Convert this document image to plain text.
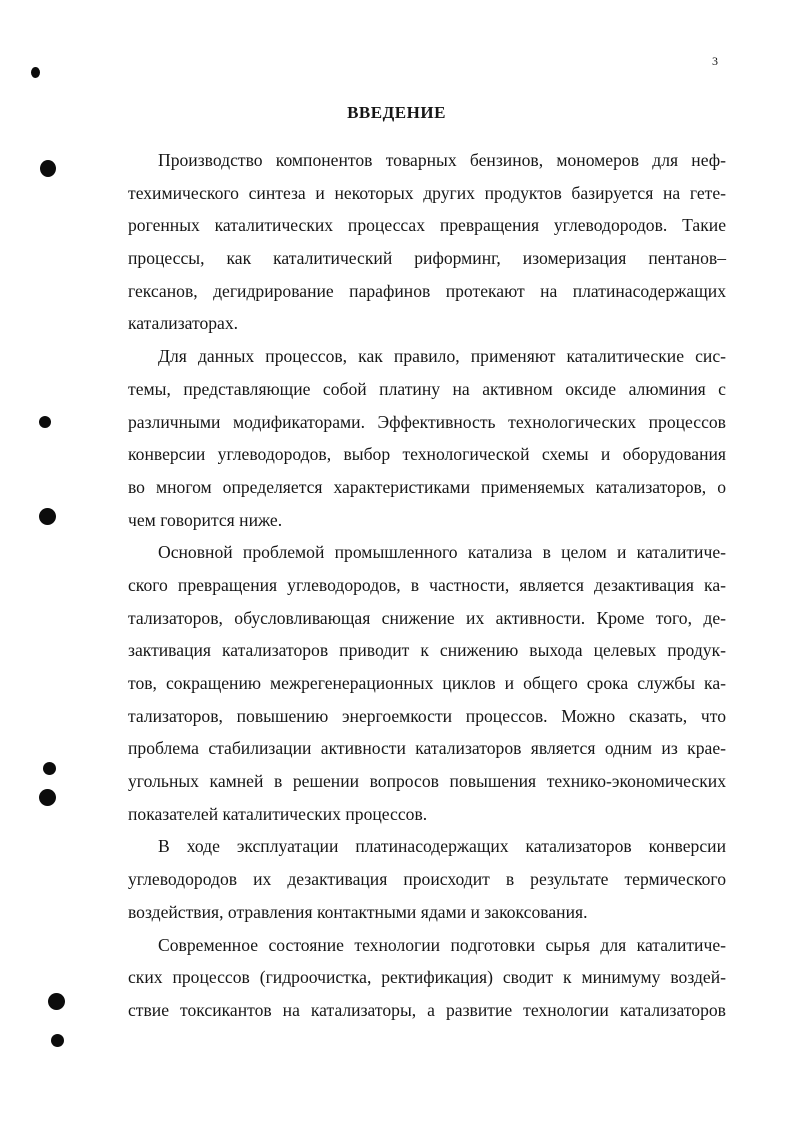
3
ВВЕДЕНИЕ
Производство компонентов товарных бензинов, мономеров для неф-
техимического синтеза и некоторых других продуктов базируется на гете-
рогенных каталитических процессах превращения углеводородов. Такие
процессы, как каталитический риформинг, изомеризация пентанов–
гексанов, дегидрирование парафинов протекают на платинасодержащих
катализаторах.
Для данных процессов, как правило, применяют каталитические сис-
темы, представляющие собой платину на активном оксиде алюминия с
различными модификаторами. Эффективность технологических процессов
конверсии углеводородов, выбор технологической схемы и оборудования
во многом определяется характеристиками применяемых катализаторов, о
чем говорится ниже.
Основной проблемой промышленного катализа в целом и каталитиче-
ского превращения углеводородов, в частности, является дезактивация ка-
тализаторов, обусловливающая снижение их активности. Кроме того, де-
зактивация катализаторов приводит к снижению выхода целевых продук-
тов, сокращению межрегенерационных циклов и общего срока службы ка-
тализаторов, повышению энергоемкости процессов. Можно сказать, что
проблема стабилизации активности катализаторов является одним из крае-
угольных камней в решении вопросов повышения технико-экономических
показателей каталитических процессов.
В ходе эксплуатации платинасодержащих катализаторов конверсии
углеводородов их дезактивация происходит в результате термического
воздействия, отравления контактными ядами и закоксования.
Современное состояние технологии подготовки сырья для каталитиче-
ских процессов (гидроочистка, ректификация) сводит к минимуму воздей-
ствие токсикантов на катализаторы, а развитие технологии катализаторов
